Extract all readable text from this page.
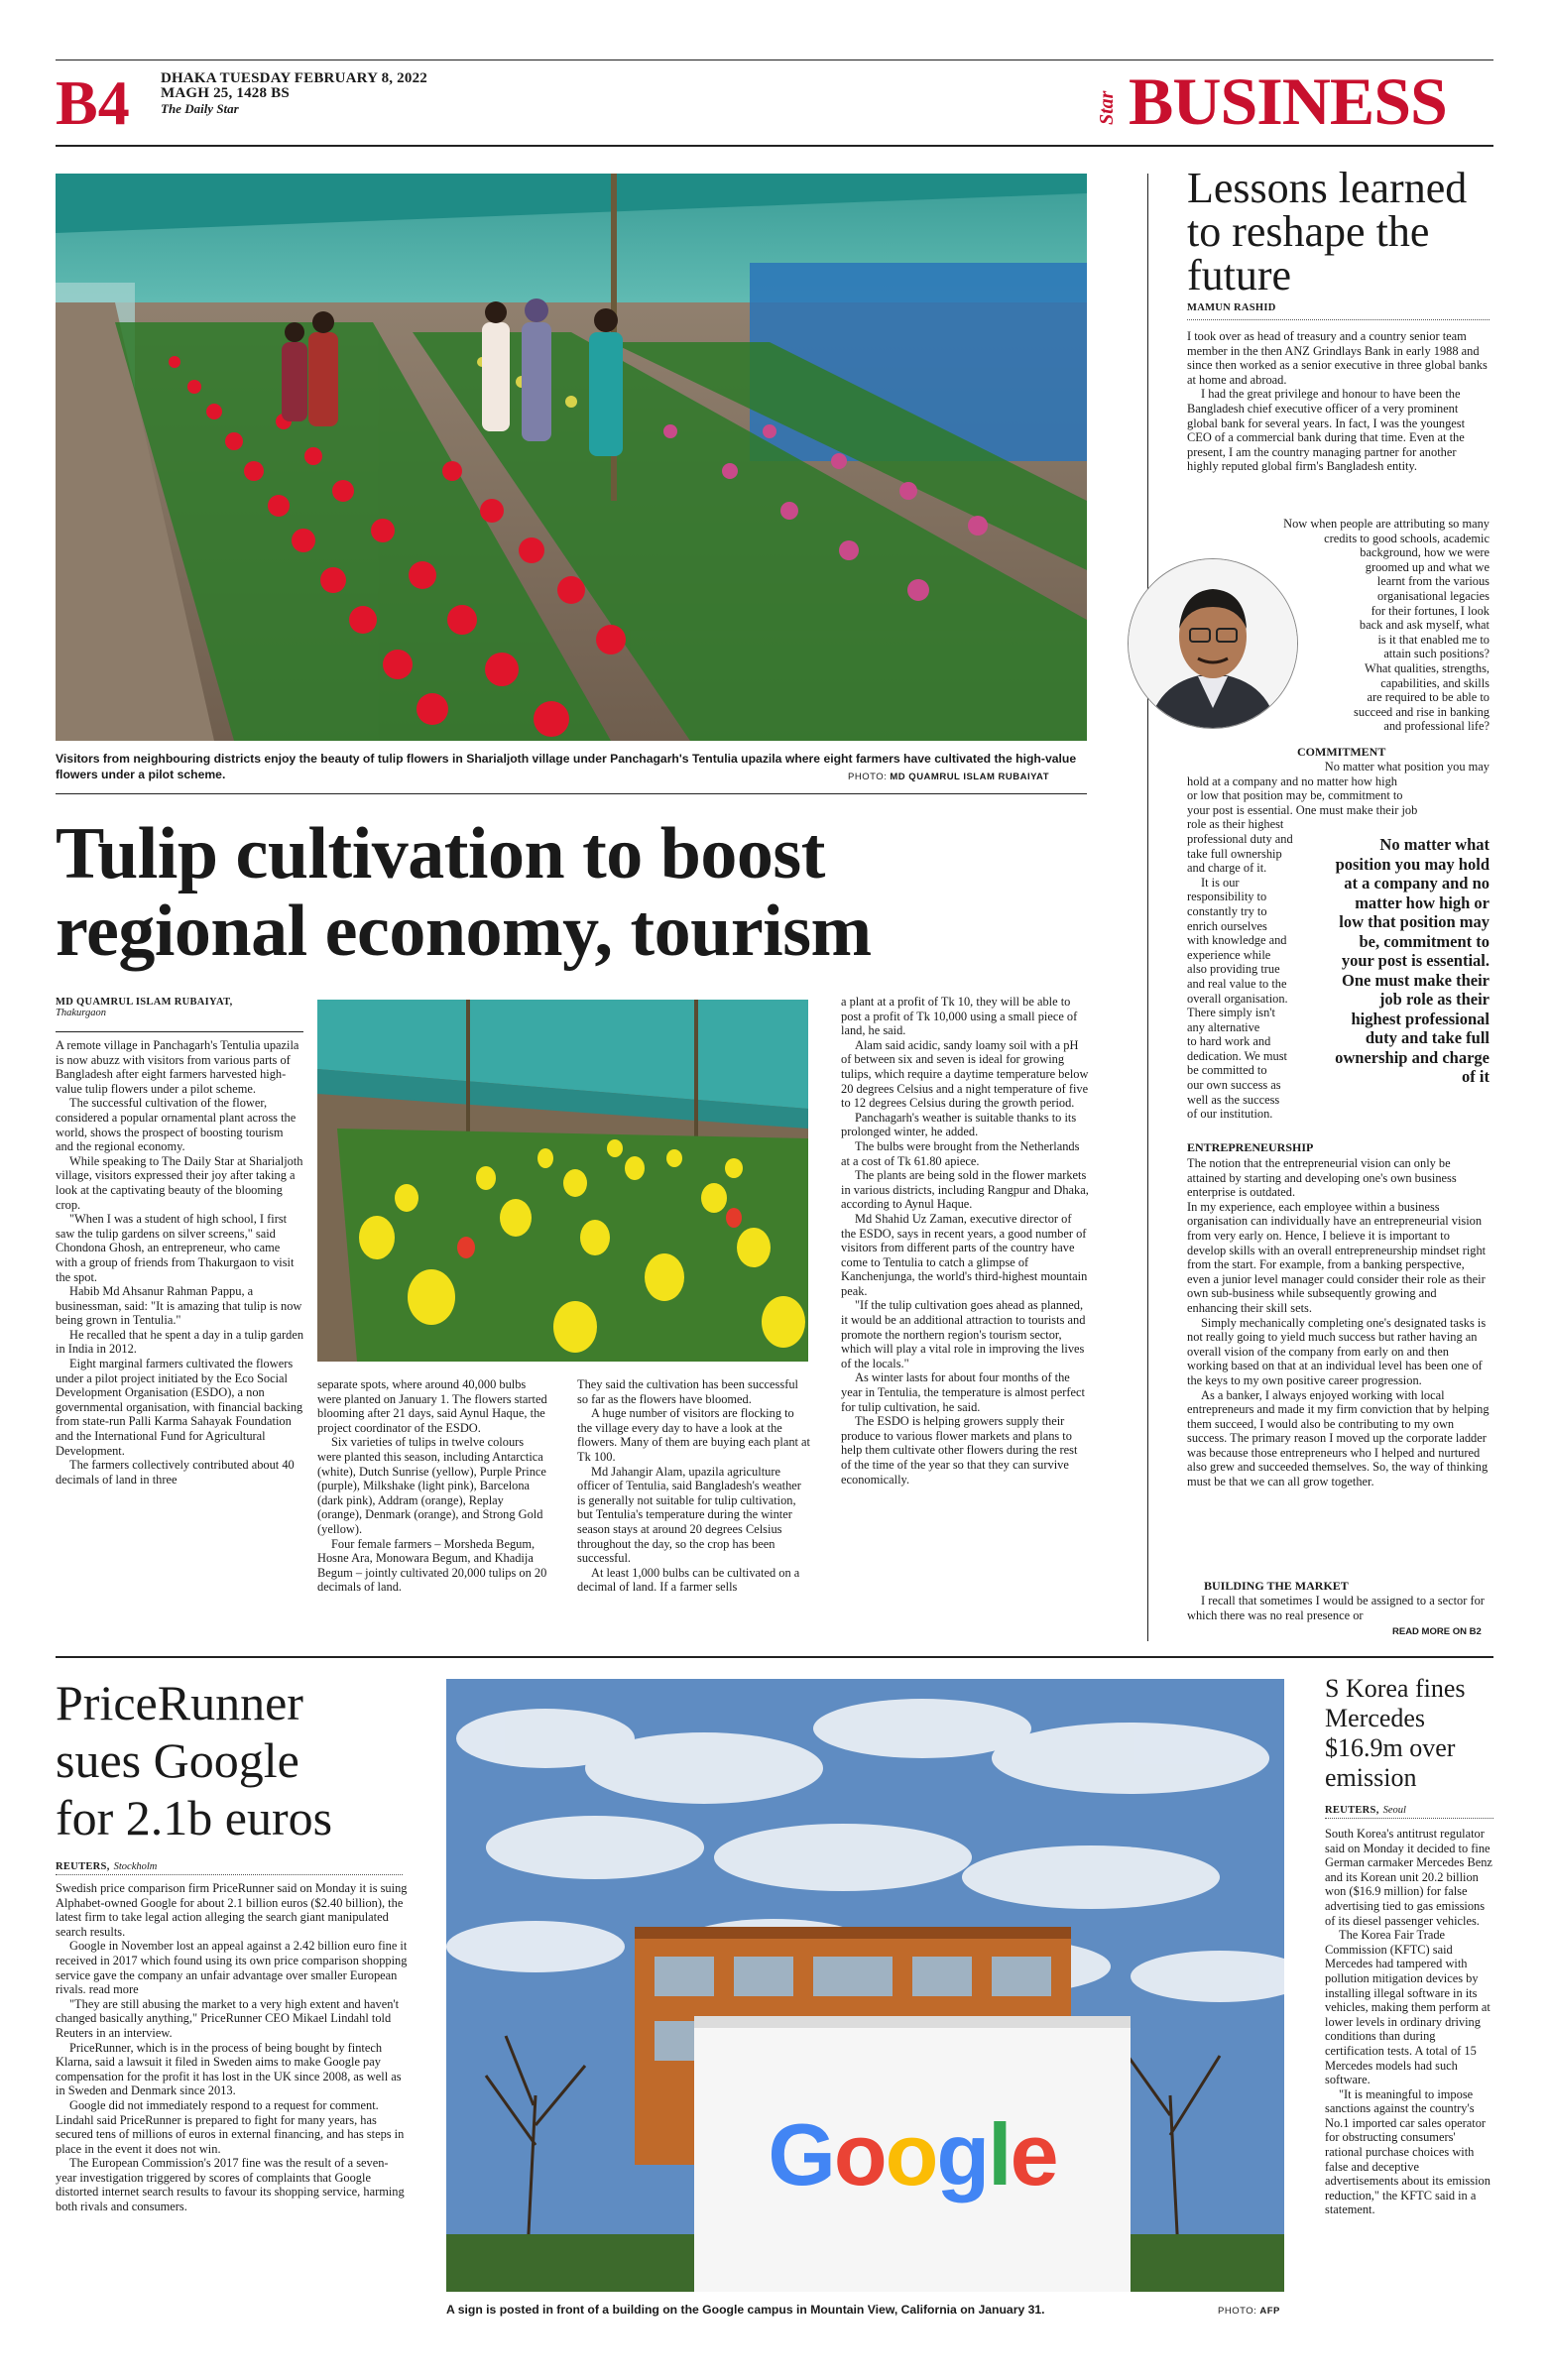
B4 DHAKA TUESDAY FEBRUARY 8, 2022
MAGH 25, 1428 BS
The Daily Star	Star BUSINESS
Visitors from neighbouring districts enjoy the beauty of tulip flowers in Sharialjoth village under Panchagarh's Tentulia upazila where eight farmers have cultivated the high-value flowers under a pilot scheme.	PHOTO: MD QUAMRUL ISLAM RUBAIYAT
Tulip cultivation to boost
regional economy, tourism
MD QUAMRUL ISLAM RUBAIYAT,
Thakurgaon

A remote village in Panchagarh's Tentulia upazila is now abuzz with visitors from various parts of Bangladesh after eight farmers harvested high-value tulip flowers under a pilot scheme.

The successful cultivation of the flower, considered a popular ornamental plant across the world, shows the prospect of boosting tourism and the regional economy.

While speaking to The Daily Star at Sharialjoth village, visitors expressed their joy after taking a look at the captivating beauty of the blooming crop.

"When I was a student of high school, I first saw the tulip gardens on silver screens," said Chondona Ghosh, an entrepreneur, who came with a group of friends from Thakurgaon to visit the spot.

Habib Md Ahsanur Rahman Pappu, a businessman, said: "It is amazing that tulip is now being grown in Tentulia."

He recalled that he spent a day in a tulip garden in India in 2012.

Eight marginal farmers cultivated the flowers under a pilot project initiated by the Eco Social Development Organisation (ESDO), a non governmental organisation, with financial backing from state-run Palli Karma Sahayak Foundation and the International Fund for Agricultural Development.

The farmers collectively contributed about 40 decimals of land in three

separate spots, where around 40,000 bulbs were planted on January 1. The flowers started blooming after 21 days, said Aynul Haque, the project coordinator of the ESDO.

Six varieties of tulips in twelve colours were planted this season, including Antarctica (white), Dutch Sunrise (yellow), Purple Prince (purple), Milkshake (light pink), Barcelona (dark pink), Addram (orange), Replay (orange), Denmark (orange), and Strong Gold (yellow).

Four female farmers – Morsheda Begum, Hosne Ara, Monowara Begum, and Khadija Begum – jointly cultivated 20,000 tulips on 20 decimals of land.

They said the cultivation has been successful so far as the flowers have bloomed.

A huge number of visitors are flocking to the village every day to have a look at the flowers. Many of them are buying each plant at Tk 100.

Md Jahangir Alam, upazila agriculture officer of Tentulia, said Bangladesh's weather is generally not suitable for tulip cultivation, but Tentulia's temperature during the winter season stays at around 20 degrees Celsius throughout the day, so the crop has been successful.

At least 1,000 bulbs can be cultivated on a decimal of land. If a farmer sells

a plant at a profit of Tk 10, they will be able to post a profit of Tk 10,000 using a small piece of land, he said.

Alam said acidic, sandy loamy soil with a pH of between six and seven is ideal for growing tulips, which require a daytime temperature below 20 degrees Celsius and a night temperature of five to 12 degrees Celsius during the growth period.

Panchagarh's weather is suitable thanks to its prolonged winter, he added.

The bulbs were brought from the Netherlands at a cost of Tk 61.80 apiece.

The plants are being sold in the flower markets in various districts, including Rangpur and Dhaka, according to Aynul Haque.

Md Shahid Uz Zaman, executive director of the ESDO, says in recent years, a good number of visitors from different parts of the country have come to Tentulia to catch a glimpse of Kanchenjunga, the world's third-highest mountain peak.

"If the tulip cultivation goes ahead as planned, it would be an additional attraction to tourists and promote the northern region's tourism sector, which will play a vital role in improving the lives of the locals."

As winter lasts for about four months of the year in Tentulia, the temperature is almost perfect for tulip cultivation, he said.

The ESDO is helping growers supply their produce to various flower markets and plans to help them cultivate other flowers during the rest of the time of the year so that they can survive economically.

Lessons learned
to reshape the
future
MAMUN RASHID

I took over as head of treasury and a country senior team member in the then ANZ Grindlays Bank in early 1988 and since then worked as a senior executive in three global banks at home and abroad.

I had the great privilege and honour to have been the Bangladesh chief executive officer of a very prominent global bank for several years. In fact, I was the youngest CEO of a commercial bank during that time. Even at the present, I am the country managing partner for another highly reputed global firm's Bangladesh entity.

Now when people are attributing so many
credits to good schools, academic
background, how we were
groomed up and what we
learnt from the various
organisational legacies
for their fortunes, I look
back and ask myself, what
is it that enabled me to
attain such positions?
What qualities, strengths,
capabilities, and skills
are required to be able to
succeed and rise in banking
and professional life?
COMMITMENT
No matter what position you may
hold at a company and no matter how high
or low that position may be, commitment to
your post is essential. One must make their job
role as their highest
professional duty and
take full ownership
and charge of it.
It is our
responsibility to
constantly try to
enrich ourselves
with knowledge and
experience while
also providing true
and real value to the
overall organisation.
There simply isn't
any alternative
to hard work and
dedication. We must
be committed to
our own success as
well as the success
of our institution.
No matter what position you may hold at a company and no matter how high or low that position may be, commitment to your post is essential. One must make their job role as their highest professional duty and take full ownership and charge of it
ENTREPRENEURSHIP

The notion that the entrepreneurial vision can only be attained by starting and developing one's own business enterprise is outdated.

In my experience, each employee within a business organisation can individually have an entrepreneurial vision from very early on. Hence, I believe it is important to develop skills with an overall entrepreneurship mindset right from the start. For example, from a banking perspective, even a junior level manager could consider their role as their own sub-business while subsequently growing and enhancing their skill sets.

Simply mechanically completing one's designated tasks is not really going to yield much success but rather having an overall vision of the company from early on and then working based on that at an individual level has been one of the keys to my own positive career progression.

As a banker, I always enjoyed working with local entrepreneurs and made it my firm conviction that by helping them succeed, I would also be contributing to my own success. The primary reason I moved up the corporate ladder was because those entrepreneurs who I helped and nurtured also grew and succeeded themselves. So, the way of thinking must be that we can all grow together.

BUILDING THE MARKET

I recall that sometimes I would be assigned to a sector for which there was no real presence or

READ MORE ON B2
PriceRunner
sues Google
for 2.1b euros
REUTERS, Stockholm

Swedish price comparison firm PriceRunner said on Monday it is suing Alphabet-owned Google for about 2.1 billion euros ($2.40 billion), the latest firm to take legal action alleging the search giant manipulated search results.

Google in November lost an appeal against a 2.42 billion euro fine it received in 2017 which found using its own price comparison shopping service gave the company an unfair advantage over smaller European rivals. read more

"They are still abusing the market to a very high extent and haven't changed basically anything," PriceRunner CEO Mikael Lindahl told Reuters in an interview.

PriceRunner, which is in the process of being bought by fintech Klarna, said a lawsuit it filed in Sweden aims to make Google pay compensation for the profit it has lost in the UK since 2008, as well as in Sweden and Denmark since 2013.

Google did not immediately respond to a request for comment. Lindahl said PriceRunner is prepared to fight for many years, has secured tens of millions of euros in external financing, and has steps in place in the event it does not win.

The European Commission's 2017 fine was the result of a seven-year investigation triggered by scores of complaints that Google distorted internet search results to favour its shopping service, harming both rivals and consumers.

Google
A sign is posted in front of a building on the Google campus in Mountain View, California on January 31.	PHOTO: AFP
S Korea fines
Mercedes
$16.9m over
emission
REUTERS, Seoul

South Korea's antitrust regulator said on Monday it decided to fine German carmaker Mercedes Benz and its Korean unit 20.2 billion won ($16.9 million) for false advertising tied to gas emissions of its diesel passenger vehicles.

The Korea Fair Trade Commission (KFTC) said Mercedes had tampered with pollution mitigation devices by installing illegal software in its vehicles, making them perform at lower levels in ordinary driving conditions than during certification tests. A total of 15 Mercedes models had such software.

"It is meaningful to impose sanctions against the country's No.1 imported car sales operator for obstructing consumers' rational purchase choices with false and deceptive advertisements about its emission reduction," the KFTC said in a statement.
